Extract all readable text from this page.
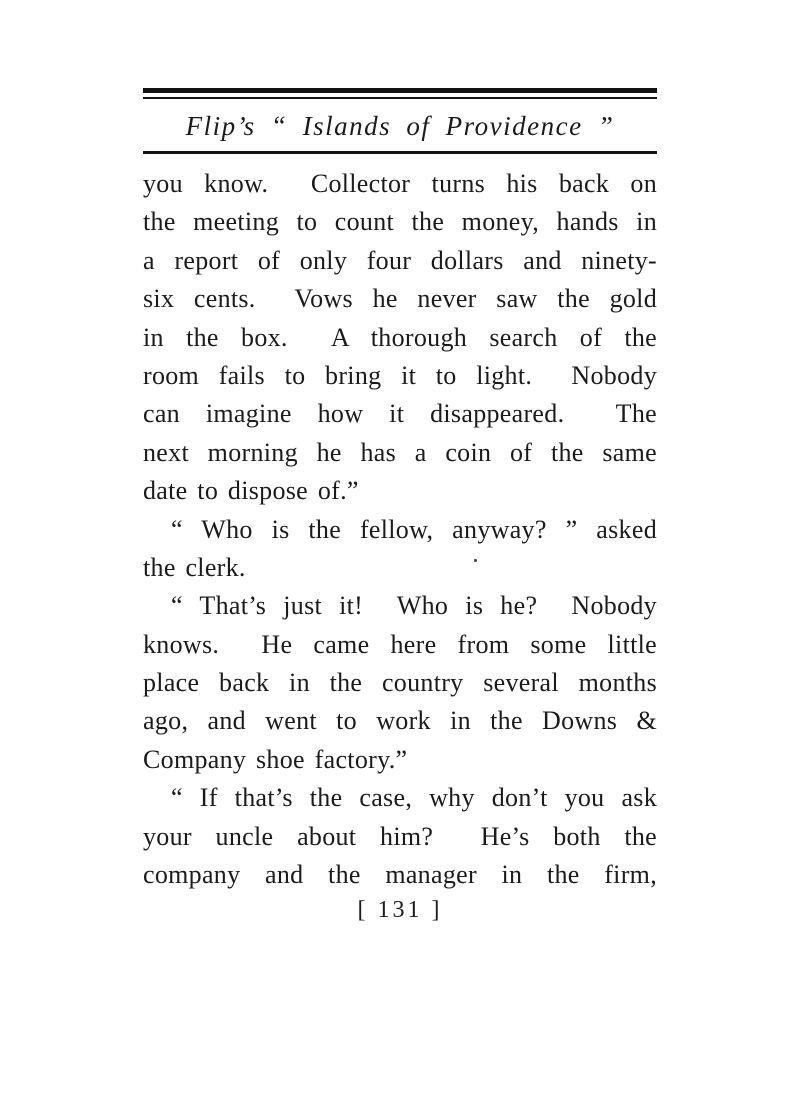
Flip’s “ Islands of Providence ”
you know.  Collector turns his back on
the meeting to count the money, hands in
a report of only four dollars and ninety-
six cents.  Vows he never saw the gold
in the box.  A thorough search of the
room fails to bring it to light.  Nobody
can imagine how it disappeared.  The
next morning he has a coin of the same
date to dispose of.”
“ Who is the fellow, anyway? ” asked
the clerk.
“ That’s just it!  Who is he?  Nobody
knows.  He came here from some little
place back in the country several months
ago, and went to work in the Downs &
Company shoe factory.”
“ If that’s the case, why don’t you ask
your uncle about him?  He’s both the
company and the manager in the firm,
[ 131 ]
